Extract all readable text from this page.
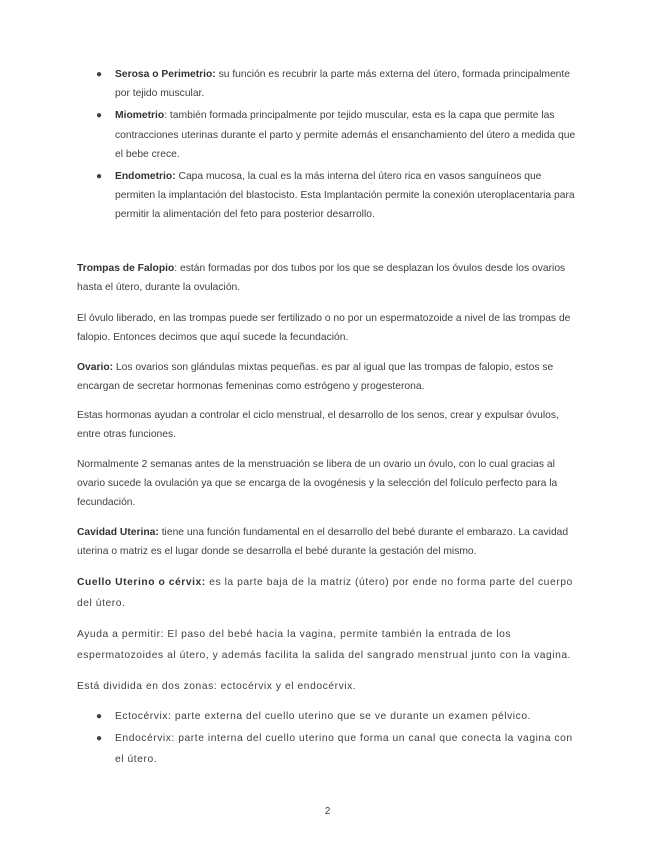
●	Serosa o Perimetrio: su función es recubrir la parte más externa del útero, formada principalmente por tejido muscular.
●	Miometrio: también formada principalmente por tejido muscular, esta es la capa que permite las contracciones uterinas durante el parto y permite además el ensanchamiento del útero a medida que el bebe crece.
●	Endometrio: Capa mucosa, la cual es la más interna del útero rica en vasos sanguíneos que permiten la implantación del blastocisto. Esta Implantación permite la conexión uteroplacentaria para permitir la alimentación del feto para posterior desarrollo.

Trompas de Falopio: están formadas por dos tubos por los que se desplazan los óvulos desde los ovarios hasta el útero, durante la ovulación.

El óvulo liberado, en las trompas puede ser fertilizado o no por un espermatozoide a nivel de las trompas de falopio. Entonces decimos que aquí sucede la fecundación.

Ovario: Los ovarios son glándulas mixtas pequeñas. es par al igual que las trompas de falopio, estos se encargan de secretar hormonas femeninas como estrógeno y progesterona.

Estas hormonas ayudan a controlar el ciclo menstrual, el desarrollo de los senos, crear y expulsar óvulos, entre otras funciones.

Normalmente 2 semanas antes de la menstruación se libera de un ovario un óvulo, con lo cual gracias al ovario sucede la ovulación ya que se encarga de la ovogénesis y la selección del folículo perfecto para la fecundación.

Cavidad Uterina: tiene una función fundamental en el desarrollo del bebé durante el embarazo. La cavidad uterina o matriz es el lugar donde se desarrolla el bebé durante la gestación del mismo.

Cuello Uterino o cérvix: es la parte baja de la matriz (útero) por ende no forma parte del cuerpo del útero.

Ayuda a permitir: El paso del bebé hacia la vagina, permite también la entrada de los espermatozoides al útero, y además facilita la salida del sangrado menstrual junto con la vagina.

Está dividida en dos zonas: ectocérvix y el endocérvix.

●	Ectocérvix: parte externa del cuello uterino que se ve durante un examen pélvico.
●	Endocérvix: parte interna del cuello uterino que forma un canal que conecta la vagina con el útero.
2
